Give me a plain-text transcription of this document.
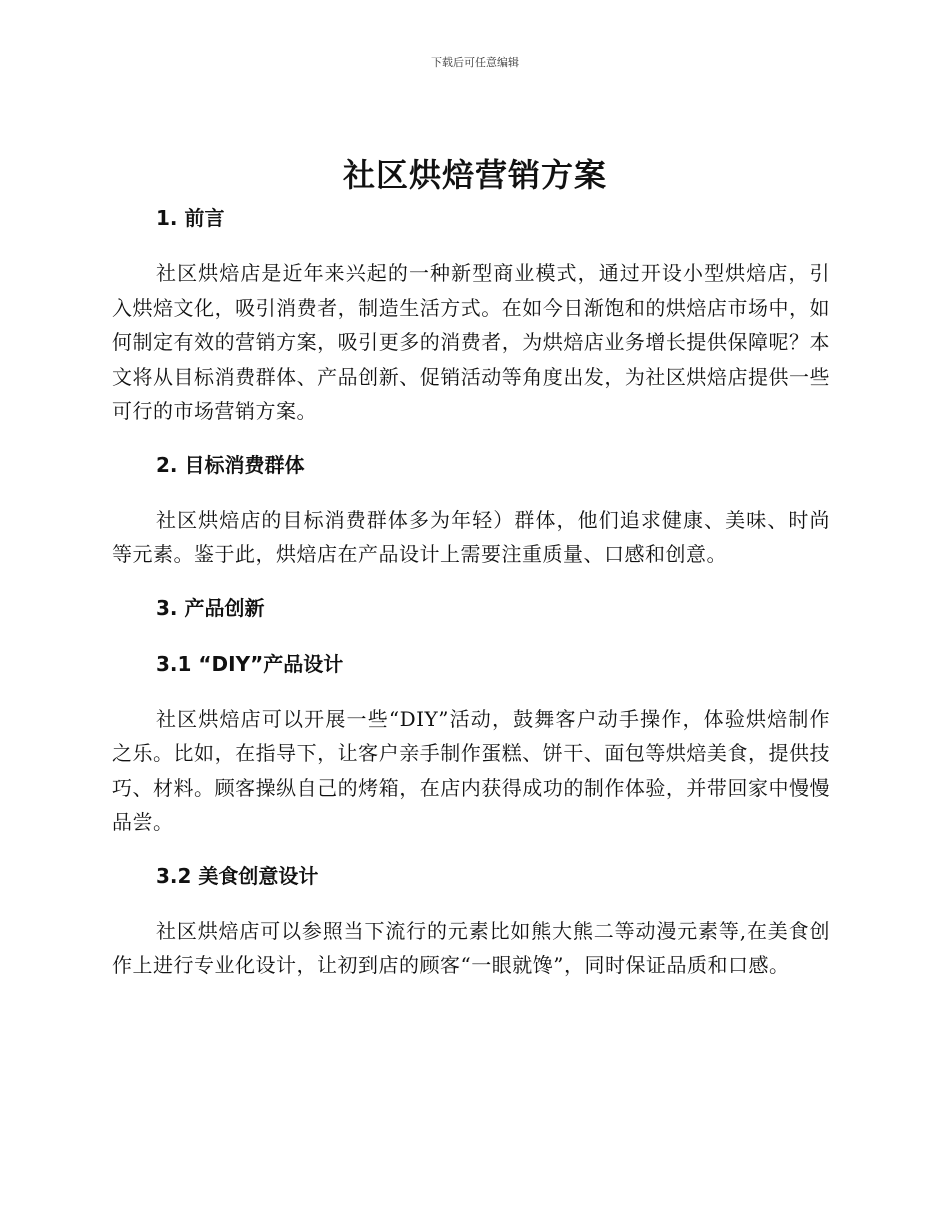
下载后可任意编辑
社区烘焙营销方案
1. 前言

社区烘焙店是近年来兴起的一种新型商业模式，通过开设小型烘焙店，引入烘焙文化，吸引消费者，制造生活方式。在如今日渐饱和的烘焙店市场中，如何制定有效的营销方案，吸引更多的消费者，为烘焙店业务增长提供保障呢？本文将从目标消费群体、产品创新、促销活动等角度出发，为社区烘焙店提供一些可行的市场营销方案。

2. 目标消费群体

社区烘焙店的目标消费群体多为年轻）群体，他们追求健康、美味、时尚等元素。鉴于此，烘焙店在产品设计上需要注重质量、口感和创意。

3. 产品创新
3.1 “DIY”产品设计

社区烘焙店可以开展一些“DIY”活动，鼓舞客户动手操作，体验烘焙制作之乐。比如，在指导下，让客户亲手制作蛋糕、饼干、面包等烘焙美食，提供技巧、材料。顾客操纵自己的烤箱，在店内获得成功的制作体验，并带回家中慢慢品尝。

3.2 美食创意设计

社区烘焙店可以参照当下流行的元素比如熊大熊二等动漫元素等,在美食创作上进行专业化设计，让初到店的顾客“一眼就馋”，同时保证品质和口感。
